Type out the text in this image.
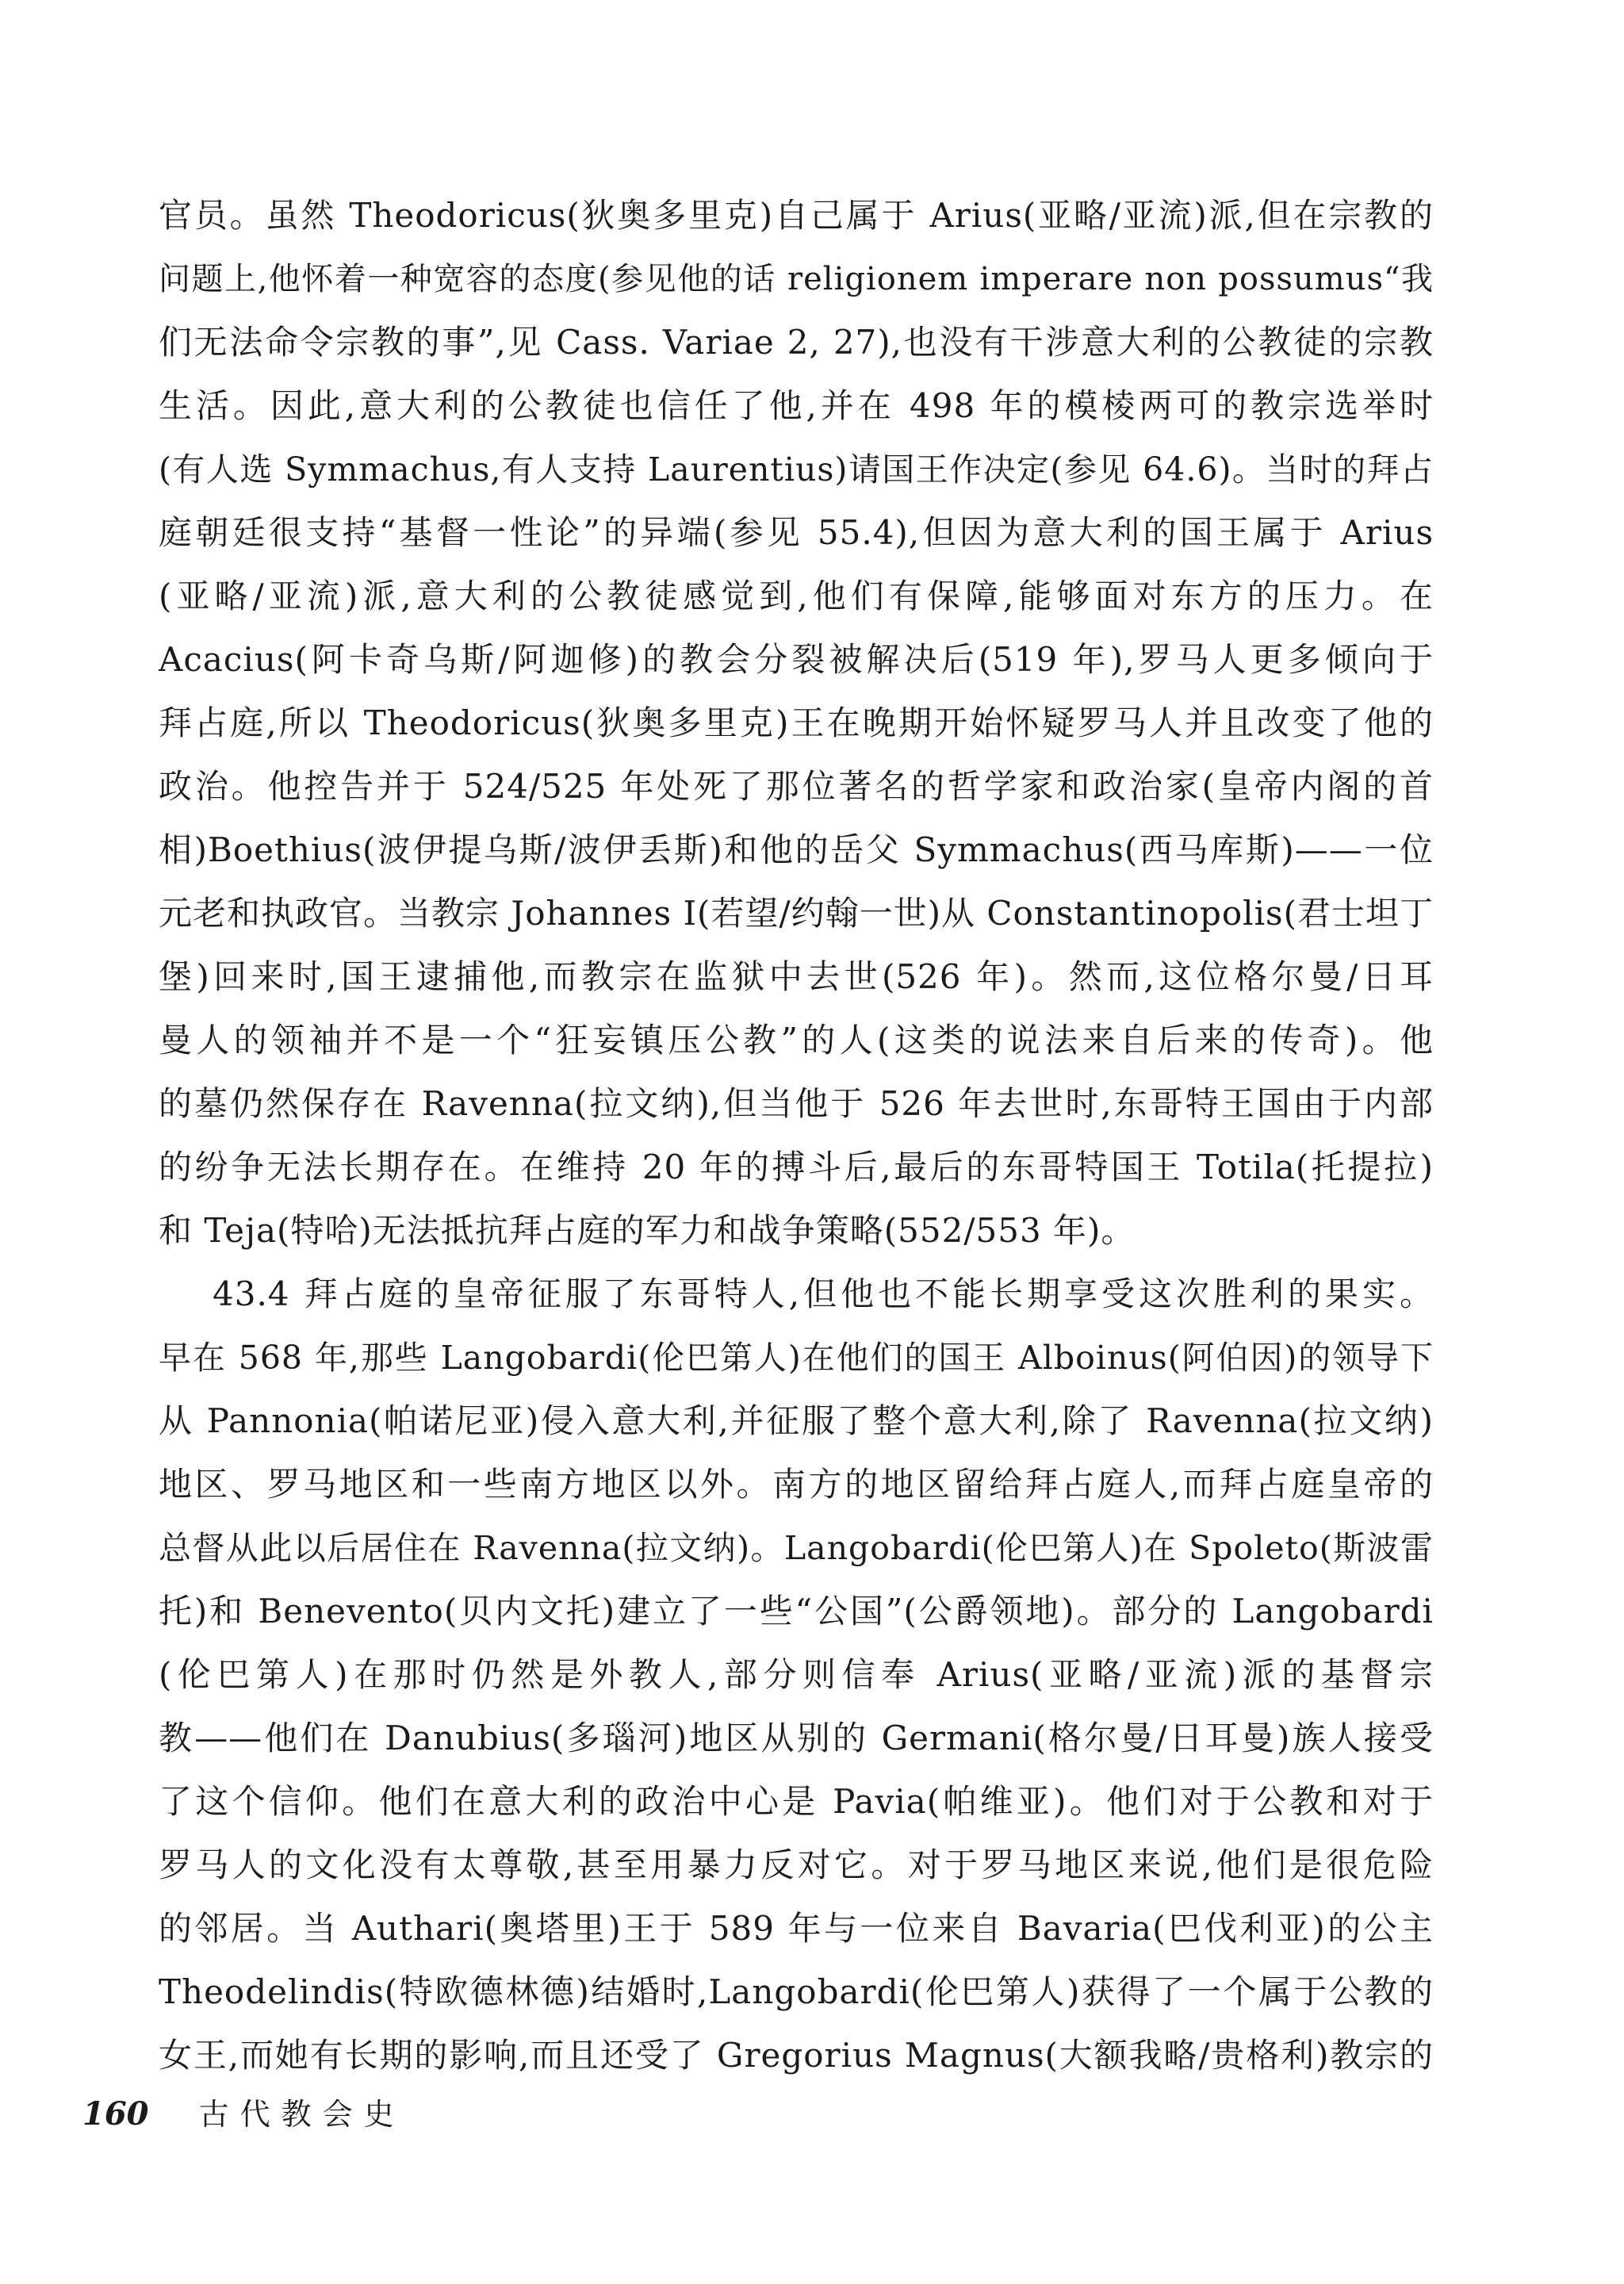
官员。虽然 Theodoricus(狄奥多里克)自己属于 Arius(亚略/亚流)派,但在宗教的
问题上,他怀着一种宽容的态度(参见他的话 religionem imperare non possumus“我
们无法命令宗教的事”,见 Cass. Variae 2, 27),也没有干涉意大利的公教徒的宗教
生活。因此,意大利的公教徒也信任了他,并在 498 年的模棱两可的教宗选举时
(有人选 Symmachus,有人支持 Laurentius)请国王作决定(参见 64.6)。当时的拜占
庭朝廷很支持“基督一性论”的异端(参见 55.4),但因为意大利的国王属于 Arius
(亚略/亚流)派,意大利的公教徒感觉到,他们有保障,能够面对东方的压力。在
Acacius(阿卡奇乌斯/阿迦修)的教会分裂被解决后(519 年),罗马人更多倾向于
拜占庭,所以 Theodoricus(狄奥多里克)王在晚期开始怀疑罗马人并且改变了他的
政治。他控告并于 524/525 年处死了那位著名的哲学家和政治家(皇帝内阁的首
相)Boethius(波伊提乌斯/波伊丢斯)和他的岳父 Symmachus(西马库斯)——一位
元老和执政官。当教宗 Johannes I(若望/约翰一世)从 Constantinopolis(君士坦丁
堡)回来时,国王逮捕他,而教宗在监狱中去世(526 年)。然而,这位格尔曼/日耳
曼人的领袖并不是一个“狂妄镇压公教”的人(这类的说法来自后来的传奇)。他
的墓仍然保存在 Ravenna(拉文纳),但当他于 526 年去世时,东哥特王国由于内部
的纷争无法长期存在。在维持 20 年的搏斗后,最后的东哥特国王 Totila(托提拉)
和 Teja(特哈)无法抵抗拜占庭的军力和战争策略(552/553 年)。
43.4 拜占庭的皇帝征服了东哥特人,但他也不能长期享受这次胜利的果实。
早在 568 年,那些 Langobardi(伦巴第人)在他们的国王 Alboinus(阿伯因)的领导下
从 Pannonia(帕诺尼亚)侵入意大利,并征服了整个意大利,除了 Ravenna(拉文纳)
地区、罗马地区和一些南方地区以外。南方的地区留给拜占庭人,而拜占庭皇帝的
总督从此以后居住在 Ravenna(拉文纳)。Langobardi(伦巴第人)在 Spoleto(斯波雷
托)和 Benevento(贝内文托)建立了一些“公国”(公爵领地)。部分的 Langobardi
(伦巴第人)在那时仍然是外教人,部分则信奉 Arius(亚略/亚流)派的基督宗
教——他们在 Danubius(多瑙河)地区从别的 Germani(格尔曼/日耳曼)族人接受
了这个信仰。他们在意大利的政治中心是 Pavia(帕维亚)。他们对于公教和对于
罗马人的文化没有太尊敬,甚至用暴力反对它。对于罗马地区来说,他们是很危险
的邻居。当 Authari(奥塔里)王于 589 年与一位来自 Bavaria(巴伐利亚)的公主
Theodelindis(特欧德林德)结婚时,Langobardi(伦巴第人)获得了一个属于公教的
女王,而她有长期的影响,而且还受了 Gregorius Magnus(大额我略/贵格利)教宗的
160 古代教会史
